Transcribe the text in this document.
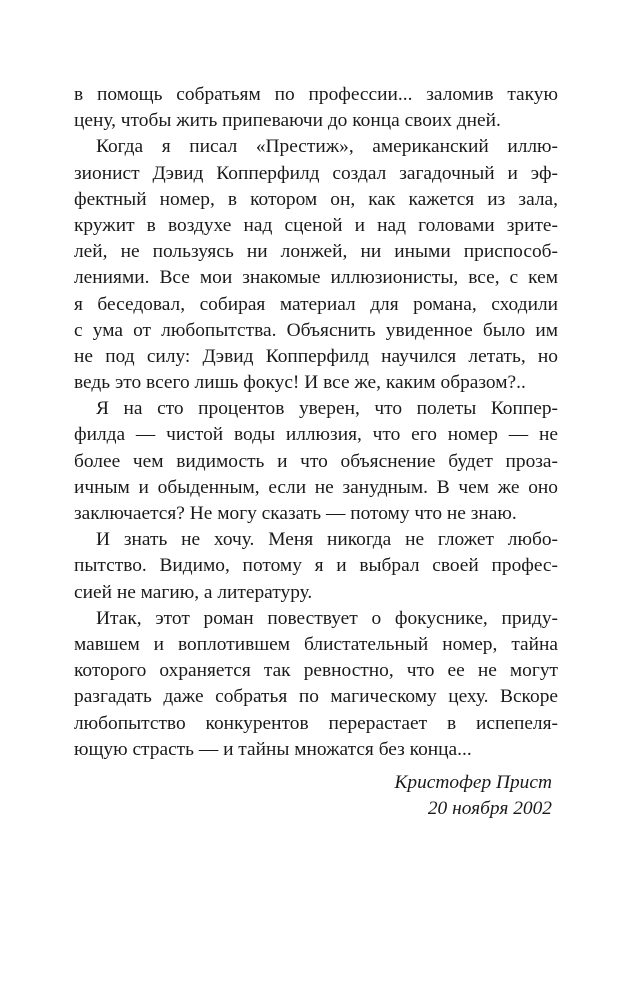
в помощь собратьям по профессии... заломив такую
цену, чтобы жить припеваючи до конца своих дней.
Когда я писал «Престиж», американский иллю-
зионист Дэвид Копперфилд создал загадочный и эф-
фектный номер, в котором он, как кажется из зала,
кружит в воздухе над сценой и над головами зрите-
лей, не пользуясь ни лонжей, ни иными приспособ-
лениями. Все мои знакомые иллюзионисты, все, с кем
я беседовал, собирая материал для романа, сходили
с ума от любопытства. Объяснить увиденное было им
не под силу: Дэвид Копперфилд научился летать, но
ведь это всего лишь фокус! И все же, каким образом?..
Я на сто процентов уверен, что полеты Коппер-
филда — чистой воды иллюзия, что его номер — не
более чем видимость и что объяснение будет проза-
ичным и обыденным, если не занудным. В чем же оно
заключается? Не могу сказать — потому что не знаю.
И знать не хочу. Меня никогда не гложет любо-
пытство. Видимо, потому я и выбрал своей профес-
сией не магию, а литературу.
Итак, этот роман повествует о фокуснике, приду-
мавшем и воплотившем блистательный номер, тайна
которого охраняется так ревностно, что ее не могут
разгадать даже собратья по магическому цеху. Вскоре
любопытство конкурентов перерастает в испепеля-
ющую страсть — и тайны множатся без конца...
Кристофер Прист
20 ноября 2002
